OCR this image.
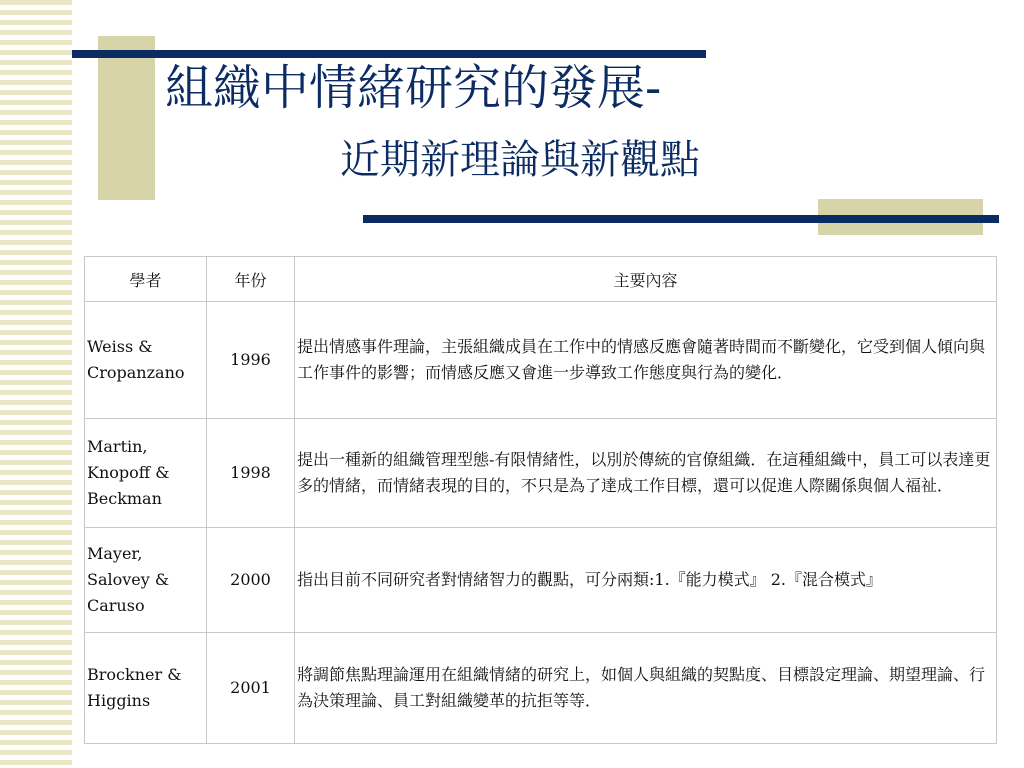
組織中情緒研究的發展-
近期新理論與新觀點
學者	年份	主要內容
Weiss & Cropanzano	1996	提出情感事件理論，主張組織成員在工作中的情感反應會隨著時間而不斷變化，它受到個人傾向與工作事件的影響；而情感反應又會進一步導致工作態度與行為的變化．
Martin, Knopoff & Beckman	1998	提出一種新的組織管理型態-有限情緒性，以別於傳統的官僚組織．在這種組織中，員工可以表達更多的情緒，而情緒表現的目的，不只是為了達成工作目標，還可以促進人際關係與個人福祉．
Mayer, Salovey & Caruso	2000	指出目前不同研究者對情緒智力的觀點，可分兩類:1.『能力模式』 2.『混合模式』
Brockner & Higgins	2001	將調節焦點理論運用在組織情緒的研究上，如個人與組織的契點度、目標設定理論、期望理論、行為決策理論、員工對組織變革的抗拒等等．
